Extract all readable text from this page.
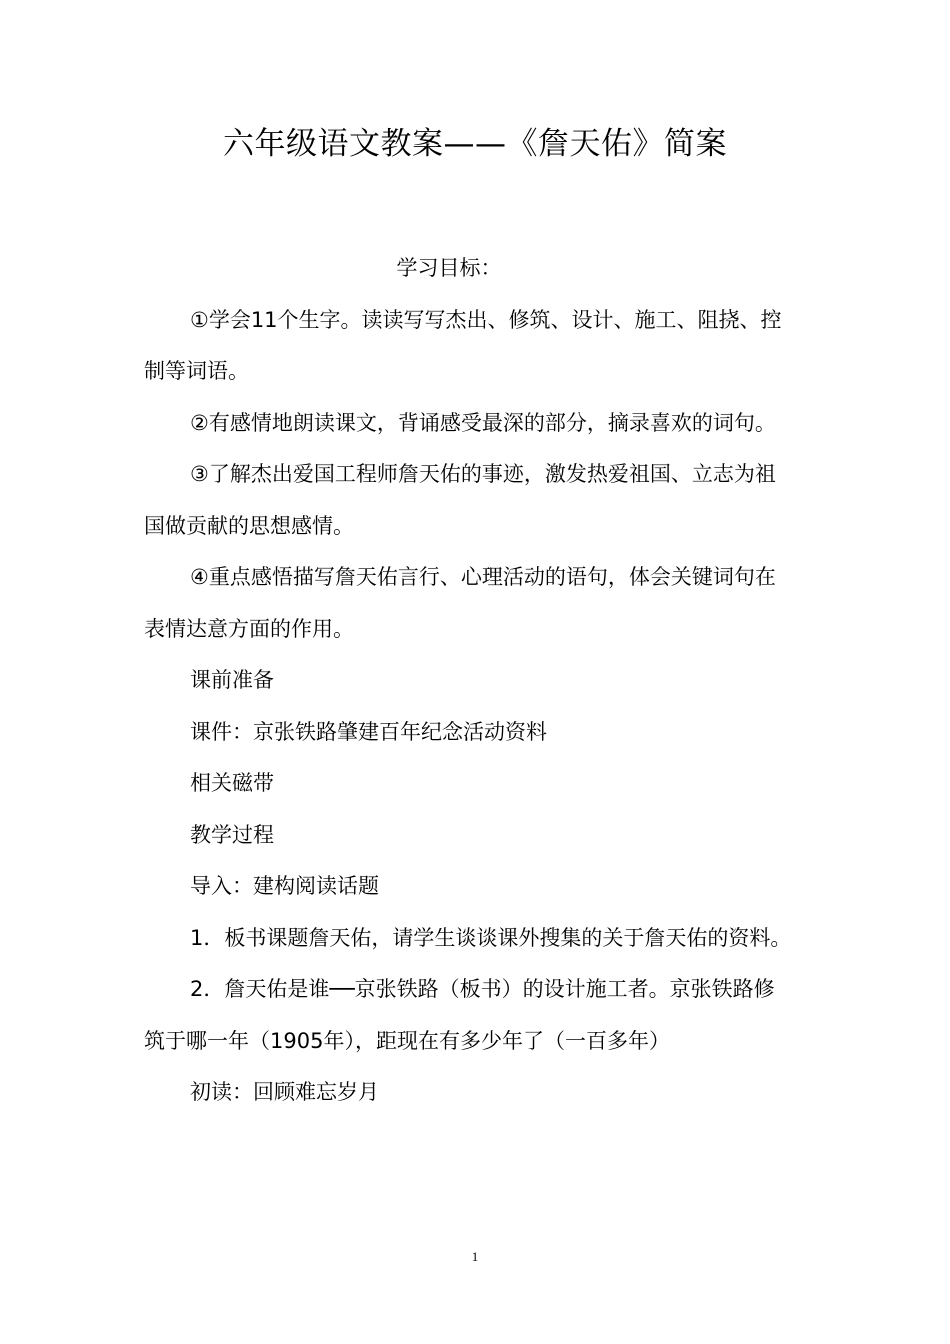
六年级语文教案——《詹天佑》简案

学习目标：

①学会11个生字。读读写写杰出、修筑、设计、施工、阻挠、控制等词语。

②有感情地朗读课文，背诵感受最深的部分，摘录喜欢的词句。

③了解杰出爱国工程师詹天佑的事迹，激发热爱祖国、立志为祖国做贡献的思想感情。

④重点感悟描写詹天佑言行、心理活动的语句，体会关键词句在表情达意方面的作用。

课前准备

课件：京张铁路肇建百年纪念活动资料

相关磁带

教学过程

导入：建构阅读话题

1．板书课题詹天佑，请学生谈谈课外搜集的关于詹天佑的资料。

2．詹天佑是谁──京张铁路（板书）的设计施工者。京张铁路修筑于哪一年（1905年），距现在有多少年了（一百多年）

初读：回顾难忘岁月

1
